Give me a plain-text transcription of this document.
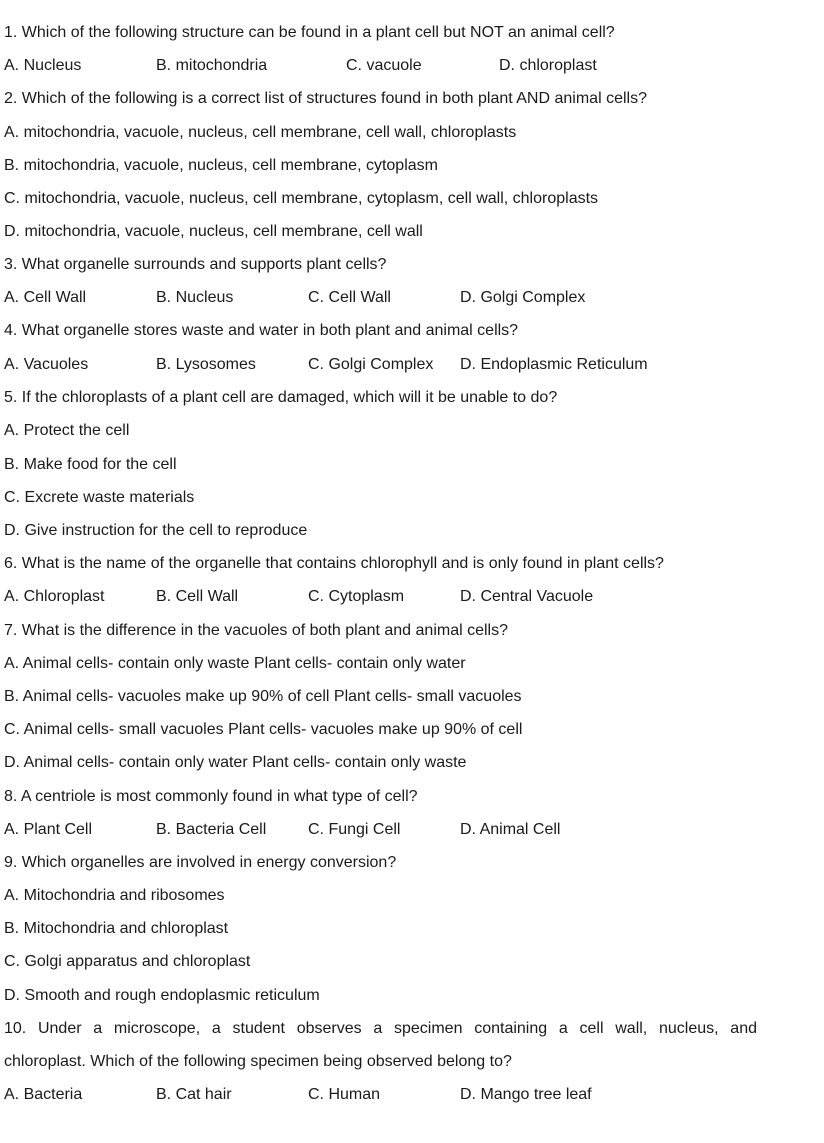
1. Which of the following structure can be found in a plant cell but NOT an animal cell?
A. Nucleus	B. mitochondria	C. vacuole	D. chloroplast
2. Which of the following is a correct list of structures found in both plant AND animal cells?
A. mitochondria, vacuole, nucleus, cell membrane, cell wall, chloroplasts
B. mitochondria, vacuole, nucleus, cell membrane, cytoplasm
C. mitochondria, vacuole, nucleus, cell membrane, cytoplasm, cell wall, chloroplasts
D. mitochondria, vacuole, nucleus, cell membrane, cell wall
3. What organelle surrounds and supports plant cells?
A. Cell Wall	B. Nucleus	C. Cell Wall	D. Golgi Complex
4. What organelle stores waste and water in both plant and animal cells?
A. Vacuoles	B. Lysosomes	C. Golgi Complex D. Endoplasmic Reticulum
5. If the chloroplasts of a plant cell are damaged, which will it be unable to do?
A. Protect the cell
B. Make food for the cell
C. Excrete waste materials
D. Give instruction for the cell to reproduce
6. What is the name of the organelle that contains chlorophyll and is only found in plant cells?
A. Chloroplast	B. Cell Wall	C. Cytoplasm	D. Central Vacuole
7. What is the difference in the vacuoles of both plant and animal cells?
A. Animal cells- contain only waste Plant cells- contain only water
B. Animal cells- vacuoles make up 90% of cell Plant cells- small vacuoles
C. Animal cells- small vacuoles Plant cells- vacuoles make up 90% of cell
D. Animal cells- contain only water Plant cells- contain only waste
8. A centriole is most commonly found in what type of cell?
A. Plant Cell	B. Bacteria Cell	C. Fungi Cell	D. Animal Cell
9. Which organelles are involved in energy conversion?
A. Mitochondria and ribosomes
B. Mitochondria and chloroplast
C. Golgi apparatus and chloroplast
D. Smooth and rough endoplasmic reticulum
10. Under a microscope, a student observes a specimen containing a cell wall, nucleus, and
chloroplast. Which of the following specimen being observed belong to?
A. Bacteria	B. Cat hair	C. Human	D. Mango tree leaf
